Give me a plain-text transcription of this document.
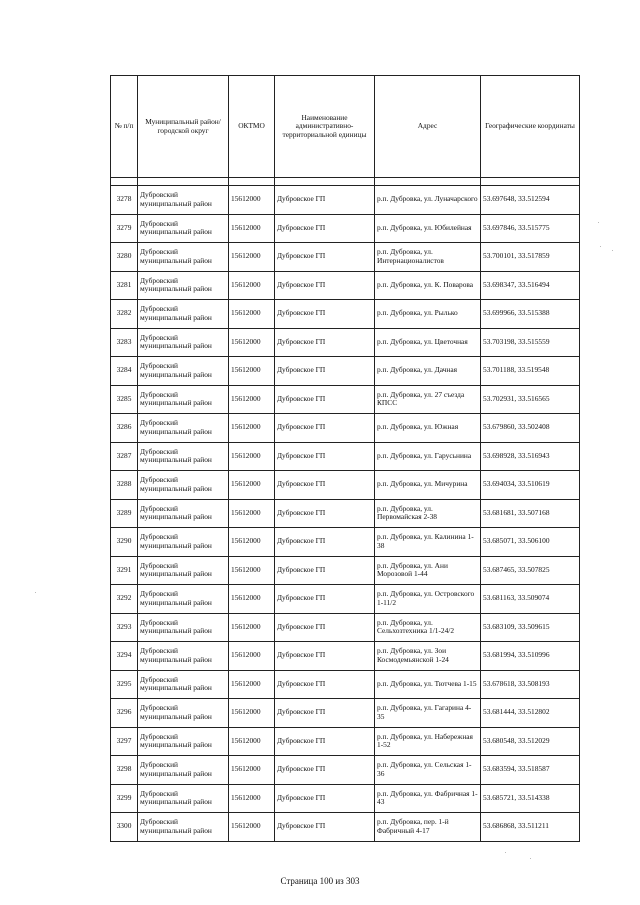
№ п/п	Муниципальный район/городской округ	ОКТМО	Наименование административно-территориальной единицы	Адрес	Географические координаты

3278	Дубровский муниципальный район	15612000	Дубровское ГП	р.п. Дубровка, ул. Луначарского	53.697648, 33.512594
3279	Дубровский муниципальный район	15612000	Дубровское ГП	р.п. Дубровка, ул. Юбилейная	53.697846, 33.515775
3280	Дубровский муниципальный район	15612000	Дубровское ГП	р.п. Дубровка, ул. Интернационалистов	53.700101, 33.517859
3281	Дубровский муниципальный район	15612000	Дубровское ГП	р.п. Дубровка, ул. К. Поварова	53.698347, 33.516494
3282	Дубровский муниципальный район	15612000	Дубровское ГП	р.п. Дубровка, ул. Рылько	53.699966, 33.515388
3283	Дубровский муниципальный район	15612000	Дубровское ГП	р.п. Дубровка, ул. Цветочная	53.703198, 33.515559
3284	Дубровский муниципальный район	15612000	Дубровское ГП	р.п. Дубровка, ул. Дачная	53.701188, 33.519548
3285	Дубровский муниципальный район	15612000	Дубровское ГП	р.п. Дубровка, ул. 27 съезда КПСС	53.702931, 33.516565
3286	Дубровский муниципальный район	15612000	Дубровское ГП	р.п. Дубровка, ул. Южная	53.679860, 33.502408
3287	Дубровский муниципальный район	15612000	Дубровское ГП	р.п. Дубровка, ул. Гарусьнина	53.698928, 33.516943
3288	Дубровский муниципальный район	15612000	Дубровское ГП	р.п. Дубровка, ул. Мичурина	53.694034, 33.510619
3289	Дубровский муниципальный район	15612000	Дубровское ГП	р.п. Дубровка, ул. Первомайская 2-38	53.681681, 33.507168
3290	Дубровский муниципальный район	15612000	Дубровское ГП	р.п. Дубровка, ул. Калинина 1-38	53.685071, 33.506100
3291	Дубровский муниципальный район	15612000	Дубровское ГП	р.п. Дубровка, ул. Ани Морозовой 1-44	53.687465, 33.507825
3292	Дубровский муниципальный район	15612000	Дубровское ГП	р.п. Дубровка, ул. Островского 1-11/2	53.681163, 33.509074
3293	Дубровский муниципальный район	15612000	Дубровское ГП	р.п. Дубровка, ул. Сельхозтехника 1/1-24/2	53.683109, 33.509615
3294	Дубровский муниципальный район	15612000	Дубровское ГП	р.п. Дубровка, ул. Зои Космодемьянской 1-24	53.681994, 33.510996
3295	Дубровский муниципальный район	15612000	Дубровское ГП	р.п. Дубровка, ул. Тютчева 1-15	53.678618, 33.508193
3296	Дубровский муниципальный район	15612000	Дубровское ГП	р.п. Дубровка, ул. Гагарина 4-35	53.681444, 33.512802
3297	Дубровский муниципальный район	15612000	Дубровское ГП	р.п. Дубровка, ул. Набережная 1-52	53.680548, 33.512029
3298	Дубровский муниципальный район	15612000	Дубровское ГП	р.п. Дубровка, ул. Сельская 1-36	53.683594, 33.518587
3299	Дубровский муниципальный район	15612000	Дубровское ГП	р.п. Дубровка, ул. Фабричная 1-43	53.685721, 33.514338
3300	Дубровский муниципальный район	15612000	Дубровское ГП	р.п. Дубровка, пер. 1-й Фабричный 4-17	53.686868, 33.511211
Страница 100 из 303
